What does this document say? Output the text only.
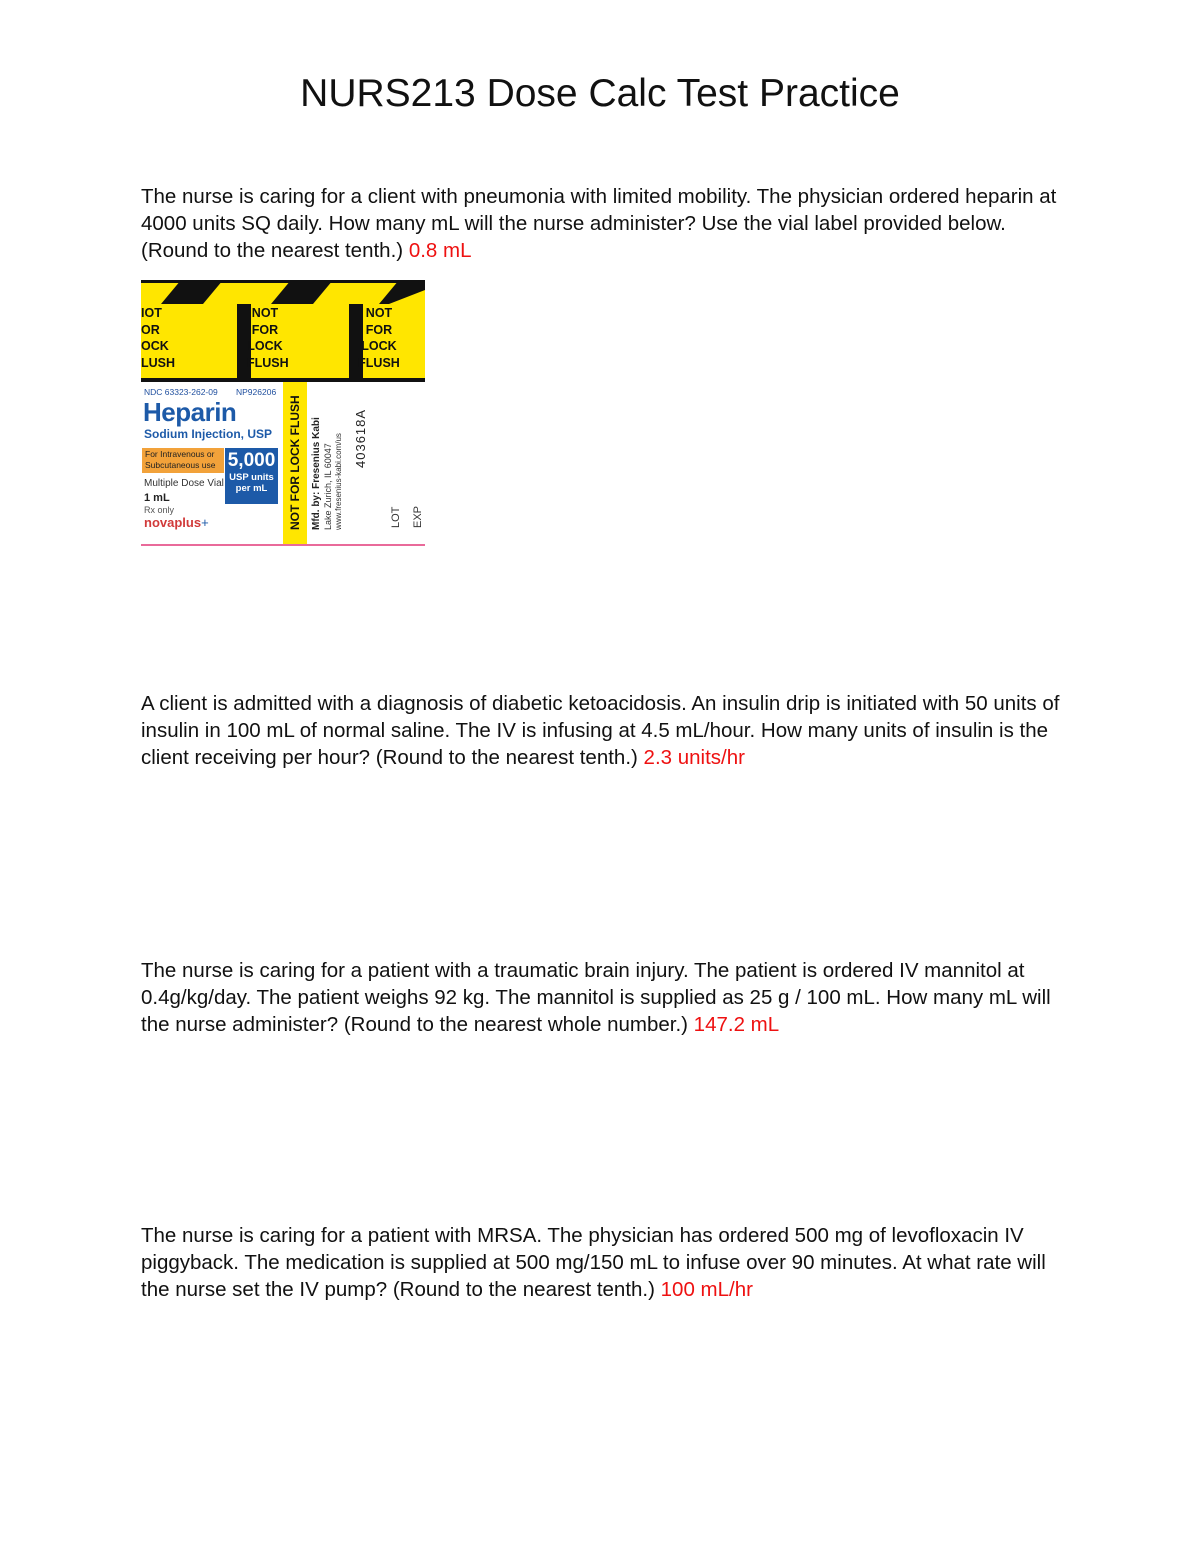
NURS213 Dose Calc Test Practice

The nurse is caring for a client with pneumonia with limited mobility. The physician ordered heparin at 4000 units SQ daily. How many mL will the nurse administer? Use the vial label provided below. (Round to the nearest tenth.) 0.8 mL

IOT
OR
OCK
LUSH
NOT
FOR
LOCK
FLUSH
NOT
FOR
LOCK
FLUSH
NDC 63323-262-09 NP926206
Heparin
Sodium Injection, USP
For Intravenous or
Subcutaneous use 5,000
USP units
per mL
Multiple Dose Vial
1 mL
Rx only
novaplus+	NOT FOR LOCK FLUSH Mfd. by: Fresenius Kabi Lake Zurich, IL 60047 www.fresenius-kabi.com/us 403618A
LOT EXP

A client is admitted with a diagnosis of diabetic ketoacidosis. An insulin drip is initiated with 50 units of insulin in 100 mL of normal saline. The IV is infusing at 4.5 mL/hour. How many units of insulin is the client receiving per hour? (Round to the nearest tenth.) 2.3 units/hr

The nurse is caring for a patient with a traumatic brain injury. The patient is ordered IV mannitol at 0.4g/kg/day. The patient weighs 92 kg. The mannitol is supplied as 25 g / 100 mL. How many mL will the nurse administer? (Round to the nearest whole number.) 147.2 mL

The nurse is caring for a patient with MRSA. The physician has ordered 500 mg of levofloxacin IV piggyback. The medication is supplied at 500 mg/150 mL to infuse over 90 minutes. At what rate will the nurse set the IV pump? (Round to the nearest tenth.) 100 mL/hr
